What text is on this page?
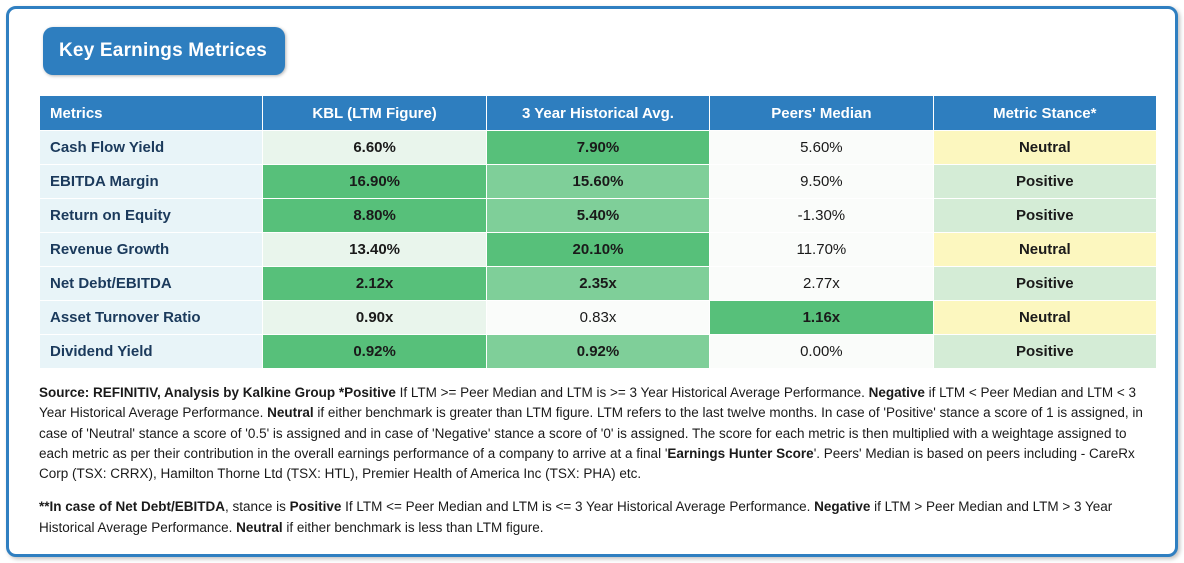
Key Earnings Metrices
Metrics	KBL (LTM Figure)	3 Year Historical Avg.	Peers' Median	Metric Stance*
Cash Flow Yield	6.60%	7.90%	5.60%	Neutral
EBITDA Margin	16.90%	15.60%	9.50%	Positive
Return on Equity	8.80%	5.40%	-1.30%	Positive
Revenue Growth	13.40%	20.10%	11.70%	Neutral
Net Debt/EBITDA	2.12x	2.35x	2.77x	Positive
Asset Turnover Ratio	0.90x	0.83x	1.16x	Neutral
Dividend Yield	0.92%	0.92%	0.00%	Positive

Source: REFINITIV, Analysis by Kalkine Group *Positive If LTM >= Peer Median and LTM is >= 3 Year Historical Average Performance. Negative if LTM < Peer Median and LTM < 3 Year Historical Average Performance. Neutral if either benchmark is greater than LTM figure. LTM refers to the last twelve months. In case of 'Positive' stance a score of 1 is assigned, in case of 'Neutral' stance a score of '0.5' is assigned and in case of 'Negative' stance a score of '0' is assigned. The score for each metric is then multiplied with a weightage assigned to each metric as per their contribution in the overall earnings performance of a company to arrive at a final 'Earnings Hunter Score'. Peers' Median is based on peers including - CareRx Corp (TSX: CRRX), Hamilton Thorne Ltd (TSX: HTL), Premier Health of America Inc (TSX: PHA) etc.

**In case of Net Debt/EBITDA, stance is Positive If LTM <= Peer Median and LTM is <= 3 Year Historical Average Performance. Negative if LTM > Peer Median and LTM > 3 Year Historical Average Performance. Neutral if either benchmark is less than LTM figure.
